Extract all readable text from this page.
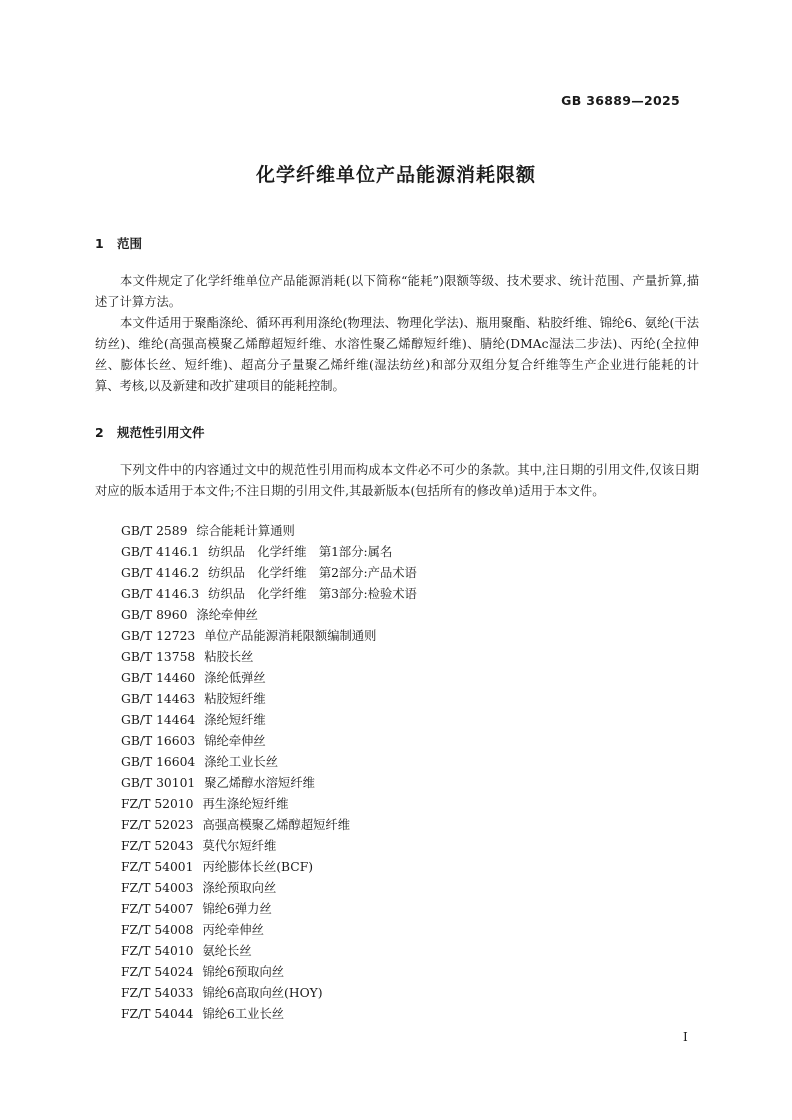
GB 36889—2025
化学纤维单位产品能源消耗限额
1 范围

本文件规定了化学纤维单位产品能源消耗(以下简称“能耗”)限额等级、技术要求、统计范围、产量折算,描述了计算方法。

本文件适用于聚酯涤纶、循环再利用涤纶(物理法、物理化学法)、瓶用聚酯、粘胶纤维、锦纶6、氨纶(干法纺丝)、维纶(高强高模聚乙烯醇超短纤维、水溶性聚乙烯醇短纤维)、腈纶(DMAc湿法二步法)、丙纶(全拉伸丝、膨体长丝、短纤维)、超高分子量聚乙烯纤维(湿法纺丝)和部分双组分复合纤维等生产企业进行能耗的计算、考核,以及新建和改扩建项目的能耗控制。

2 规范性引用文件

下列文件中的内容通过文中的规范性引用而构成本文件必不可少的条款。其中,注日期的引用文件,仅该日期对应的版本适用于本文件;不注日期的引用文件,其最新版本(包括所有的修改单)适用于本文件。

GB/T 2589 综合能耗计算通则
GB/T 4146.1 纺织品　化学纤维　第1部分:属名
GB/T 4146.2 纺织品　化学纤维　第2部分:产品术语
GB/T 4146.3 纺织品　化学纤维　第3部分:检验术语
GB/T 8960 涤纶牵伸丝
GB/T 12723 单位产品能源消耗限额编制通则
GB/T 13758 粘胶长丝
GB/T 14460 涤纶低弹丝
GB/T 14463 粘胶短纤维
GB/T 14464 涤纶短纤维
GB/T 16603 锦纶牵伸丝
GB/T 16604 涤纶工业长丝
GB/T 30101 聚乙烯醇水溶短纤维
FZ/T 52010 再生涤纶短纤维
FZ/T 52023 高强高模聚乙烯醇超短纤维
FZ/T 52043 莫代尔短纤维
FZ/T 54001 丙纶膨体长丝(BCF)
FZ/T 54003 涤纶预取向丝
FZ/T 54007 锦纶6弹力丝
FZ/T 54008 丙纶牵伸丝
FZ/T 54010 氨纶长丝
FZ/T 54024 锦纶6预取向丝
FZ/T 54033 锦纶6高取向丝(HOY)
FZ/T 54044 锦纶6工业长丝
I
